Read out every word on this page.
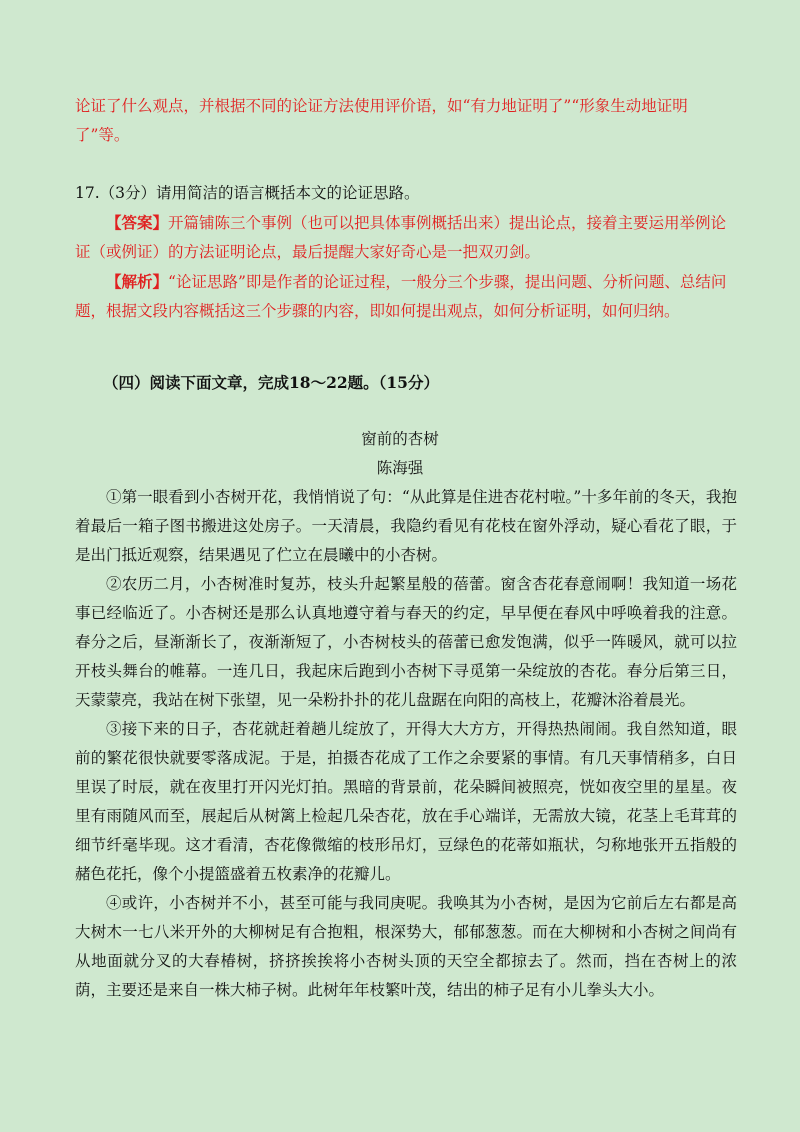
论证了什么观点，并根据不同的论证方法使用评价语，如“有力地证明了”“形象生动地证明了”等。
17.（3分）请用简洁的语言概括本文的论证思路。
【答案】开篇铺陈三个事例（也可以把具体事例概括出来）提出论点，接着主要运用举例论证（或例证）的方法证明论点，最后提醒大家好奇心是一把双刃剑。
【解析】“论证思路”即是作者的论证过程，一般分三个步骤，提出问题、分析问题、总结问题，根据文段内容概括这三个步骤的内容，即如何提出观点，如何分析证明，如何归纳。
（四）阅读下面文章，完成18～22题。（15分）
窗前的杏树
陈海强

①第一眼看到小杏树开花，我悄悄说了句：“从此算是住进杏花村啦。”十多年前的冬天，我抱着最后一箱子图书搬进这处房子。一天清晨，我隐约看见有花枝在窗外浮动，疑心看花了眼，于是出门抵近观察，结果遇见了伫立在晨曦中的小杏树。

②农历二月，小杏树准时复苏，枝头升起繁星般的蓓蕾。窗含杏花春意闹啊！我知道一场花事已经临近了。小杏树还是那么认真地遵守着与春天的约定，早早便在春风中呼唤着我的注意。春分之后，昼渐渐长了，夜渐渐短了，小杏树枝头的蓓蕾已愈发饱满，似乎一阵暖风，就可以拉开枝头舞台的帷幕。一连几日，我起床后跑到小杏树下寻觅第一朵绽放的杏花。春分后第三日，天蒙蒙亮，我站在树下张望，见一朵粉扑扑的花儿盘踞在向阳的高枝上，花瓣沐浴着晨光。

③接下来的日子，杏花就赶着趟儿绽放了，开得大大方方，开得热热闹闹。我自然知道，眼前的繁花很快就要零落成泥。于是，拍摄杏花成了工作之余要紧的事情。有几天事情稍多，白日里误了时辰，就在夜里打开闪光灯拍。黑暗的背景前，花朵瞬间被照亮，恍如夜空里的星星。夜里有雨随风而至，展起后从树篱上检起几朵杏花，放在手心端详，无需放大镜，花茎上毛茸茸的细节纤毫毕现。这才看清，杏花像微缩的枝形吊灯，豆绿色的花蒂如瓶状，匀称地张开五指般的赭色花托，像个小提篮盛着五枚素净的花瓣儿。

④或许，小杏树并不小，甚至可能与我同庚呢。我唤其为小杏树，是因为它前后左右都是高大树木一七八米开外的大柳树足有合抱粗，根深势大，郁郁葱葱。而在大柳树和小杏树之间尚有从地面就分叉的大春椿树，挤挤挨挨将小杏树头顶的天空全都掠去了。然而，挡在杏树上的浓荫，主要还是来自一株大柿子树。此树年年枝繁叶茂，结出的柿子足有小儿拳头大小。
